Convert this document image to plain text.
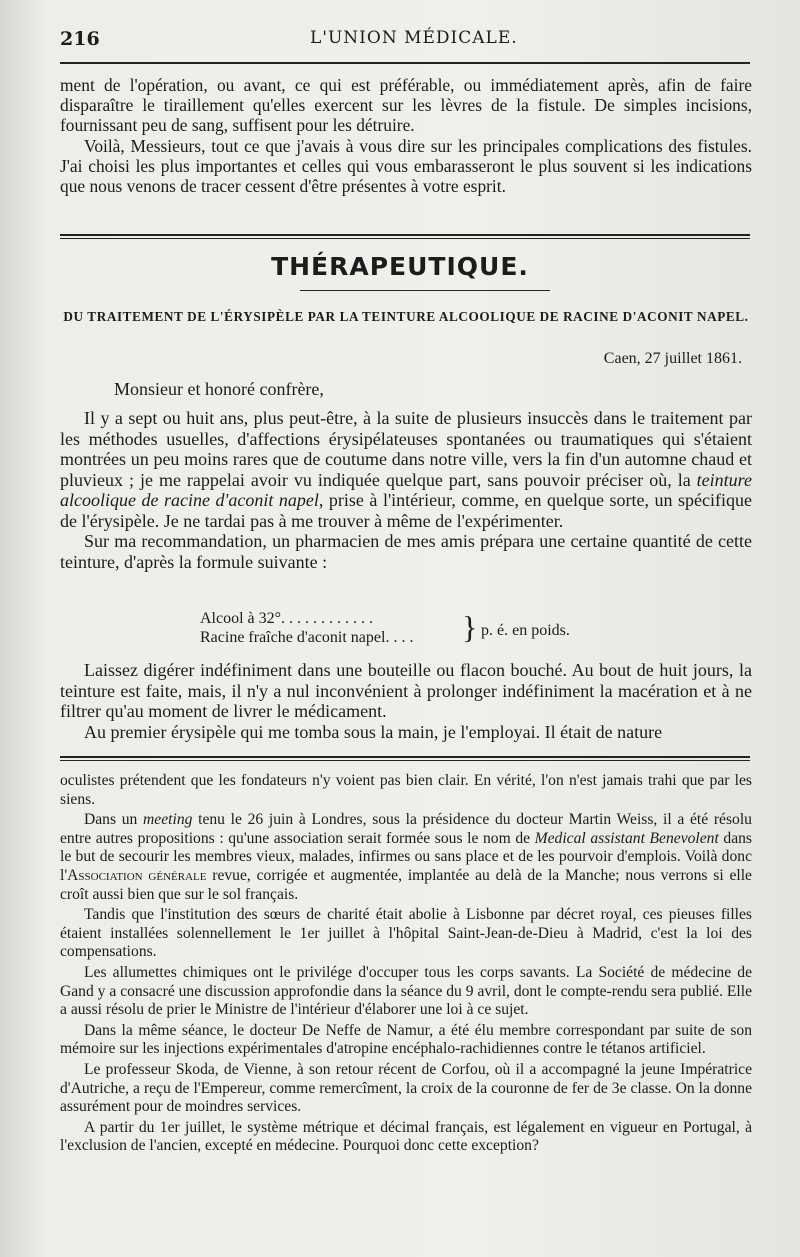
216	L'UNION MÉDICALE.

ment de l'opération, ou avant, ce qui est préférable, ou immédiatement après, afin de faire disparaître le tiraillement qu'elles exercent sur les lèvres de la fistule. De simples incisions, fournissant peu de sang, suffisent pour les détruire.

Voilà, Messieurs, tout ce que j'avais à vous dire sur les principales complications des fistules. J'ai choisi les plus importantes et celles qui vous embarasseront le plus souvent si les indications que nous venons de tracer cessent d'être présentes à votre esprit.

THÉRAPEUTIQUE.
DU TRAITEMENT DE L'ÉRYSIPÈLE PAR LA TEINTURE ALCOOLIQUE DE RACINE D'ACONIT NAPEL.
Caen, 27 juillet 1861.
Monsieur et honoré confrère,

Il y a sept ou huit ans, plus peut-être, à la suite de plusieurs insuccès dans le traitement par les méthodes usuelles, d'affections érysipélateuses spontanées ou traumatiques qui s'étaient montrées un peu moins rares que de coutume dans notre ville, vers la fin d'un automne chaud et pluvieux ; je me rappelai avoir vu indiquée quelque part, sans pouvoir préciser où, la teinture alcoolique de racine d'aconit napel, prise à l'intérieur, comme, en quelque sorte, un spécifique de l'érysipèle. Je ne tardai pas à me trouver à même de l'expérimenter.

Sur ma recommandation, un pharmacien de mes amis prépara une certaine quantité de cette teinture, d'après la formule suivante :

Alcool à 32°. . . . . . . . . . . .
Racine fraîche d'aconit napel. . . . } p. é. en poids.

Laissez digérer indéfiniment dans une bouteille ou flacon bouché. Au bout de huit jours, la teinture est faite, mais, il n'y a nul inconvénient à prolonger indéfiniment la macération et à ne filtrer qu'au moment de livrer le médicament.

Au premier érysipèle qui me tomba sous la main, je l'employai. Il était de nature

oculistes prétendent que les fondateurs n'y voient pas bien clair. En vérité, l'on n'est jamais trahi que par les siens.

Dans un meeting tenu le 26 juin à Londres, sous la présidence du docteur Martin Weiss, il a été résolu entre autres propositions : qu'une association serait formée sous le nom de Medical assistant Benevolent dans le but de secourir les membres vieux, malades, infirmes ou sans place et de les pourvoir d'emplois. Voilà donc l'Association générale revue, corrigée et augmentée, implantée au delà de la Manche; nous verrons si elle croît aussi bien que sur le sol français.

Tandis que l'institution des sœurs de charité était abolie à Lisbonne par décret royal, ces pieuses filles étaient installées solennellement le 1er juillet à l'hôpital Saint-Jean-de-Dieu à Madrid, c'est la loi des compensations.

Les allumettes chimiques ont le privilége d'occuper tous les corps savants. La Société de médecine de Gand y a consacré une discussion approfondie dans la séance du 9 avril, dont le compte-rendu sera publié. Elle a aussi résolu de prier le Ministre de l'intérieur d'élaborer une loi à ce sujet.

Dans la même séance, le docteur De Neffe de Namur, a été élu membre correspondant par suite de son mémoire sur les injections expérimentales d'atropine encéphalo-rachidiennes contre le tétanos artificiel.

Le professeur Skoda, de Vienne, à son retour récent de Corfou, où il a accompagné la jeune Impératrice d'Autriche, a reçu de l'Empereur, comme remercîment, la croix de la couronne de fer de 3e classe. On la donne assurément pour de moindres services.

A partir du 1er juillet, le système métrique et décimal français, est légalement en vigueur en Portugal, à l'exclusion de l'ancien, excepté en médecine. Pourquoi donc cette exception?
